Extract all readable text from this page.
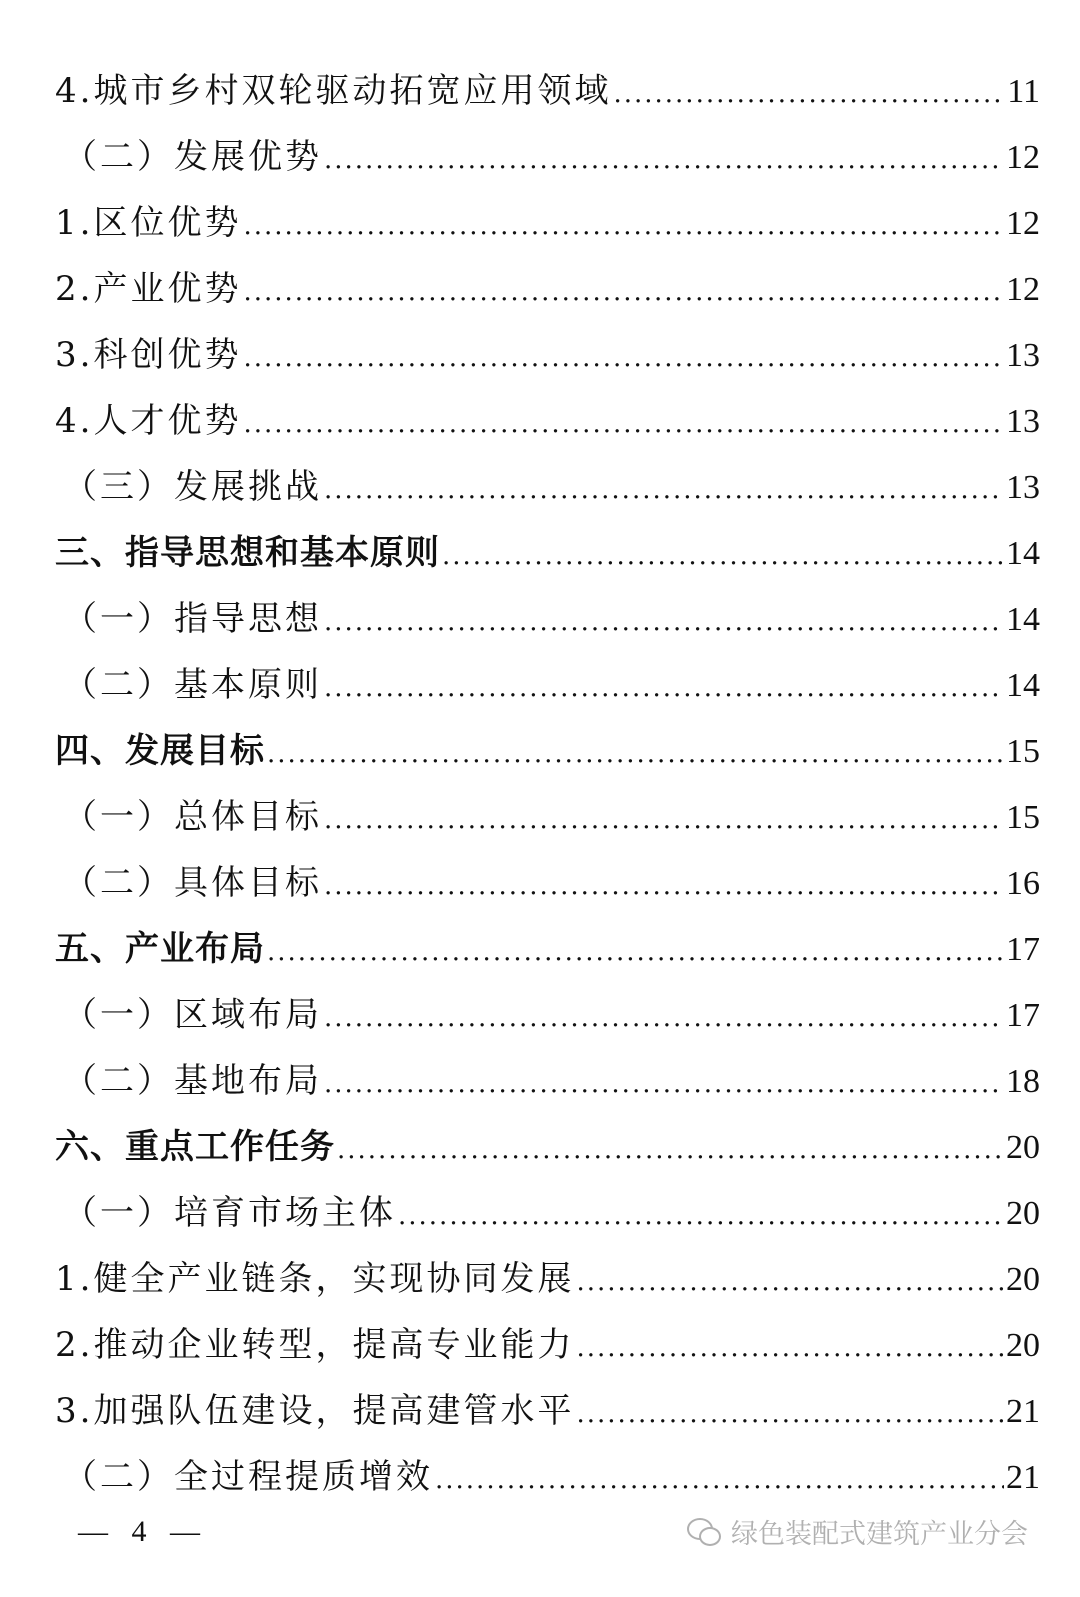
4.城市乡村双轮驱动拓宽应用领域 .....	11
（二）发展优势 .....	12
1.区位优势 .....	12
2.产业优势 .....	12
3.科创优势 .....	13
4.人才优势 .....	13
（三）发展挑战 .....	13
三、指导思想和基本原则 .....	14
（一）指导思想 .....	14
（二）基本原则 .....	14
四、发展目标 .....	15
（一）总体目标 .....	15
（二）具体目标 .....	16
五、产业布局 .....	17
（一）区域布局 .....	17
（二）基地布局 .....	18
六、重点工作任务 .....	20
（一）培育市场主体 .....	20
1.健全产业链条，实现协同发展 .....	20
2.推动企业转型，提高专业能力 .....	20
3.加强队伍建设，提高建管水平 .....	21
（二）全过程提质增效 .....	21
— 4 —	绿色装配式建筑产业分会
